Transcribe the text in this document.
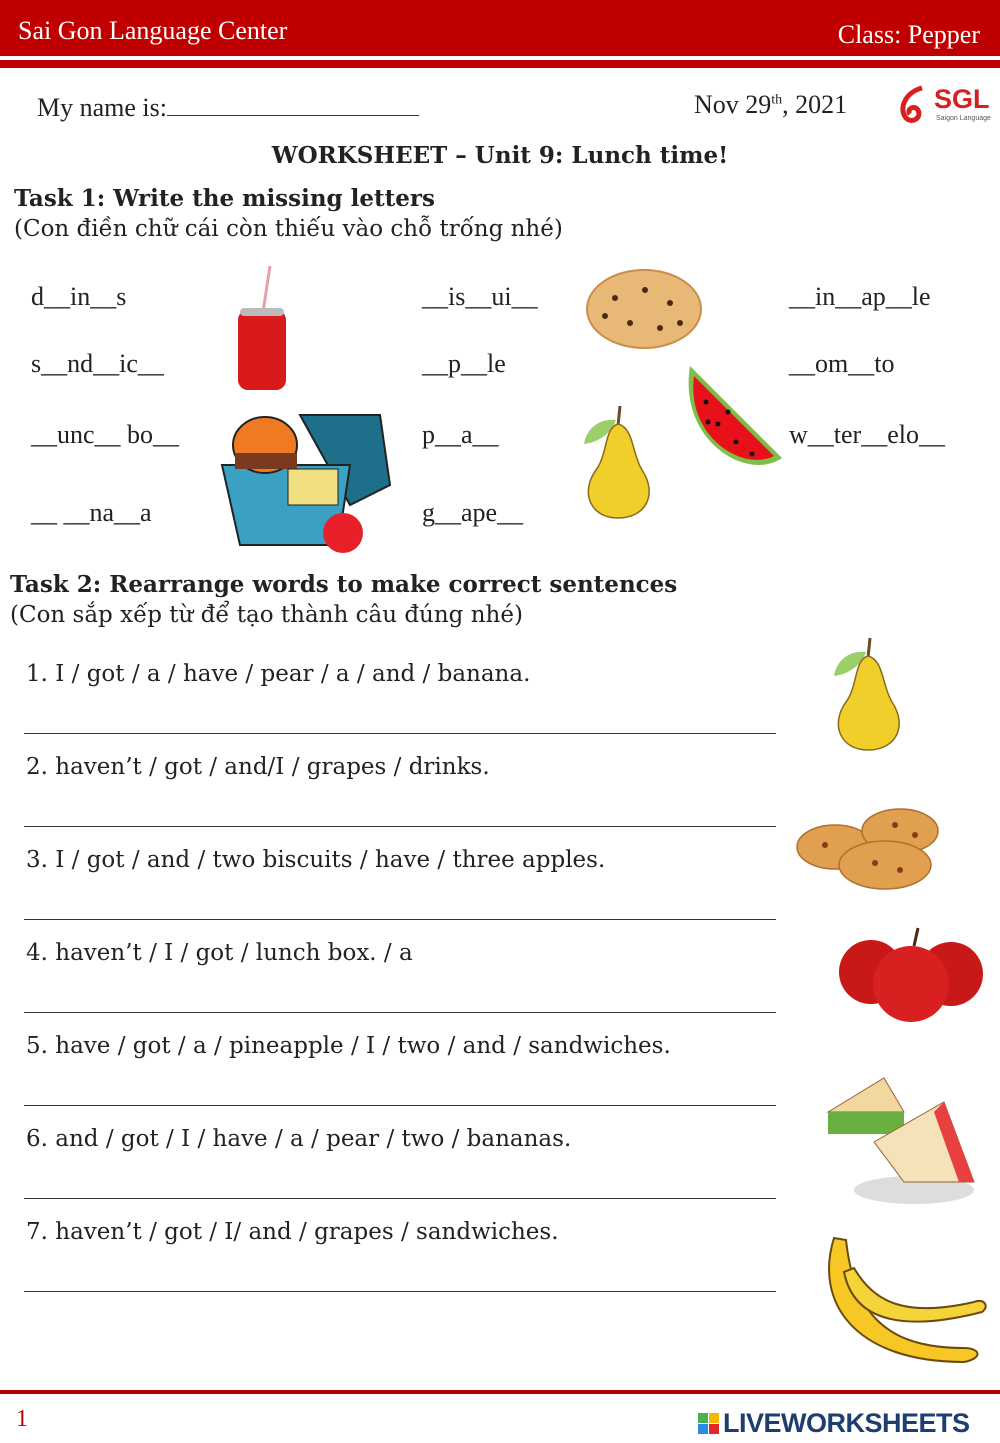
Sai Gon Language Center	Class: Pepper
My name is:	Nov 29th, 2021	SGL
Saigon Language
WORKSHEET – Unit 9: Lunch time!
Task 1: Write the missing letters
(Con điền chữ cái còn thiếu vào chỗ trống nhé)
d__in__s
s__nd__ic__
__unc__ bo__
__ __na__a
__is__ui__
__p__le
p__a__
g__ape__
__in__ap__le
__om__to
w__ter__elo__
Task 2: Rearrange words to make correct sentences
(Con sắp xếp từ để tạo thành câu đúng nhé)
1. I / got / a / have / pear / a / and / banana.
2. haven’t / got / and/I / grapes / drinks.
3. I / got / and / two biscuits / have / three apples.
4. haven’t / I / got / lunch box. / a
5. have / got / a / pineapple / I / two / and / sandwiches.
6. and / got / I / have / a / pear / two / bananas.
7. haven’t / got / I/ and / grapes / sandwiches.
1	LIVEWORKSHEETS
